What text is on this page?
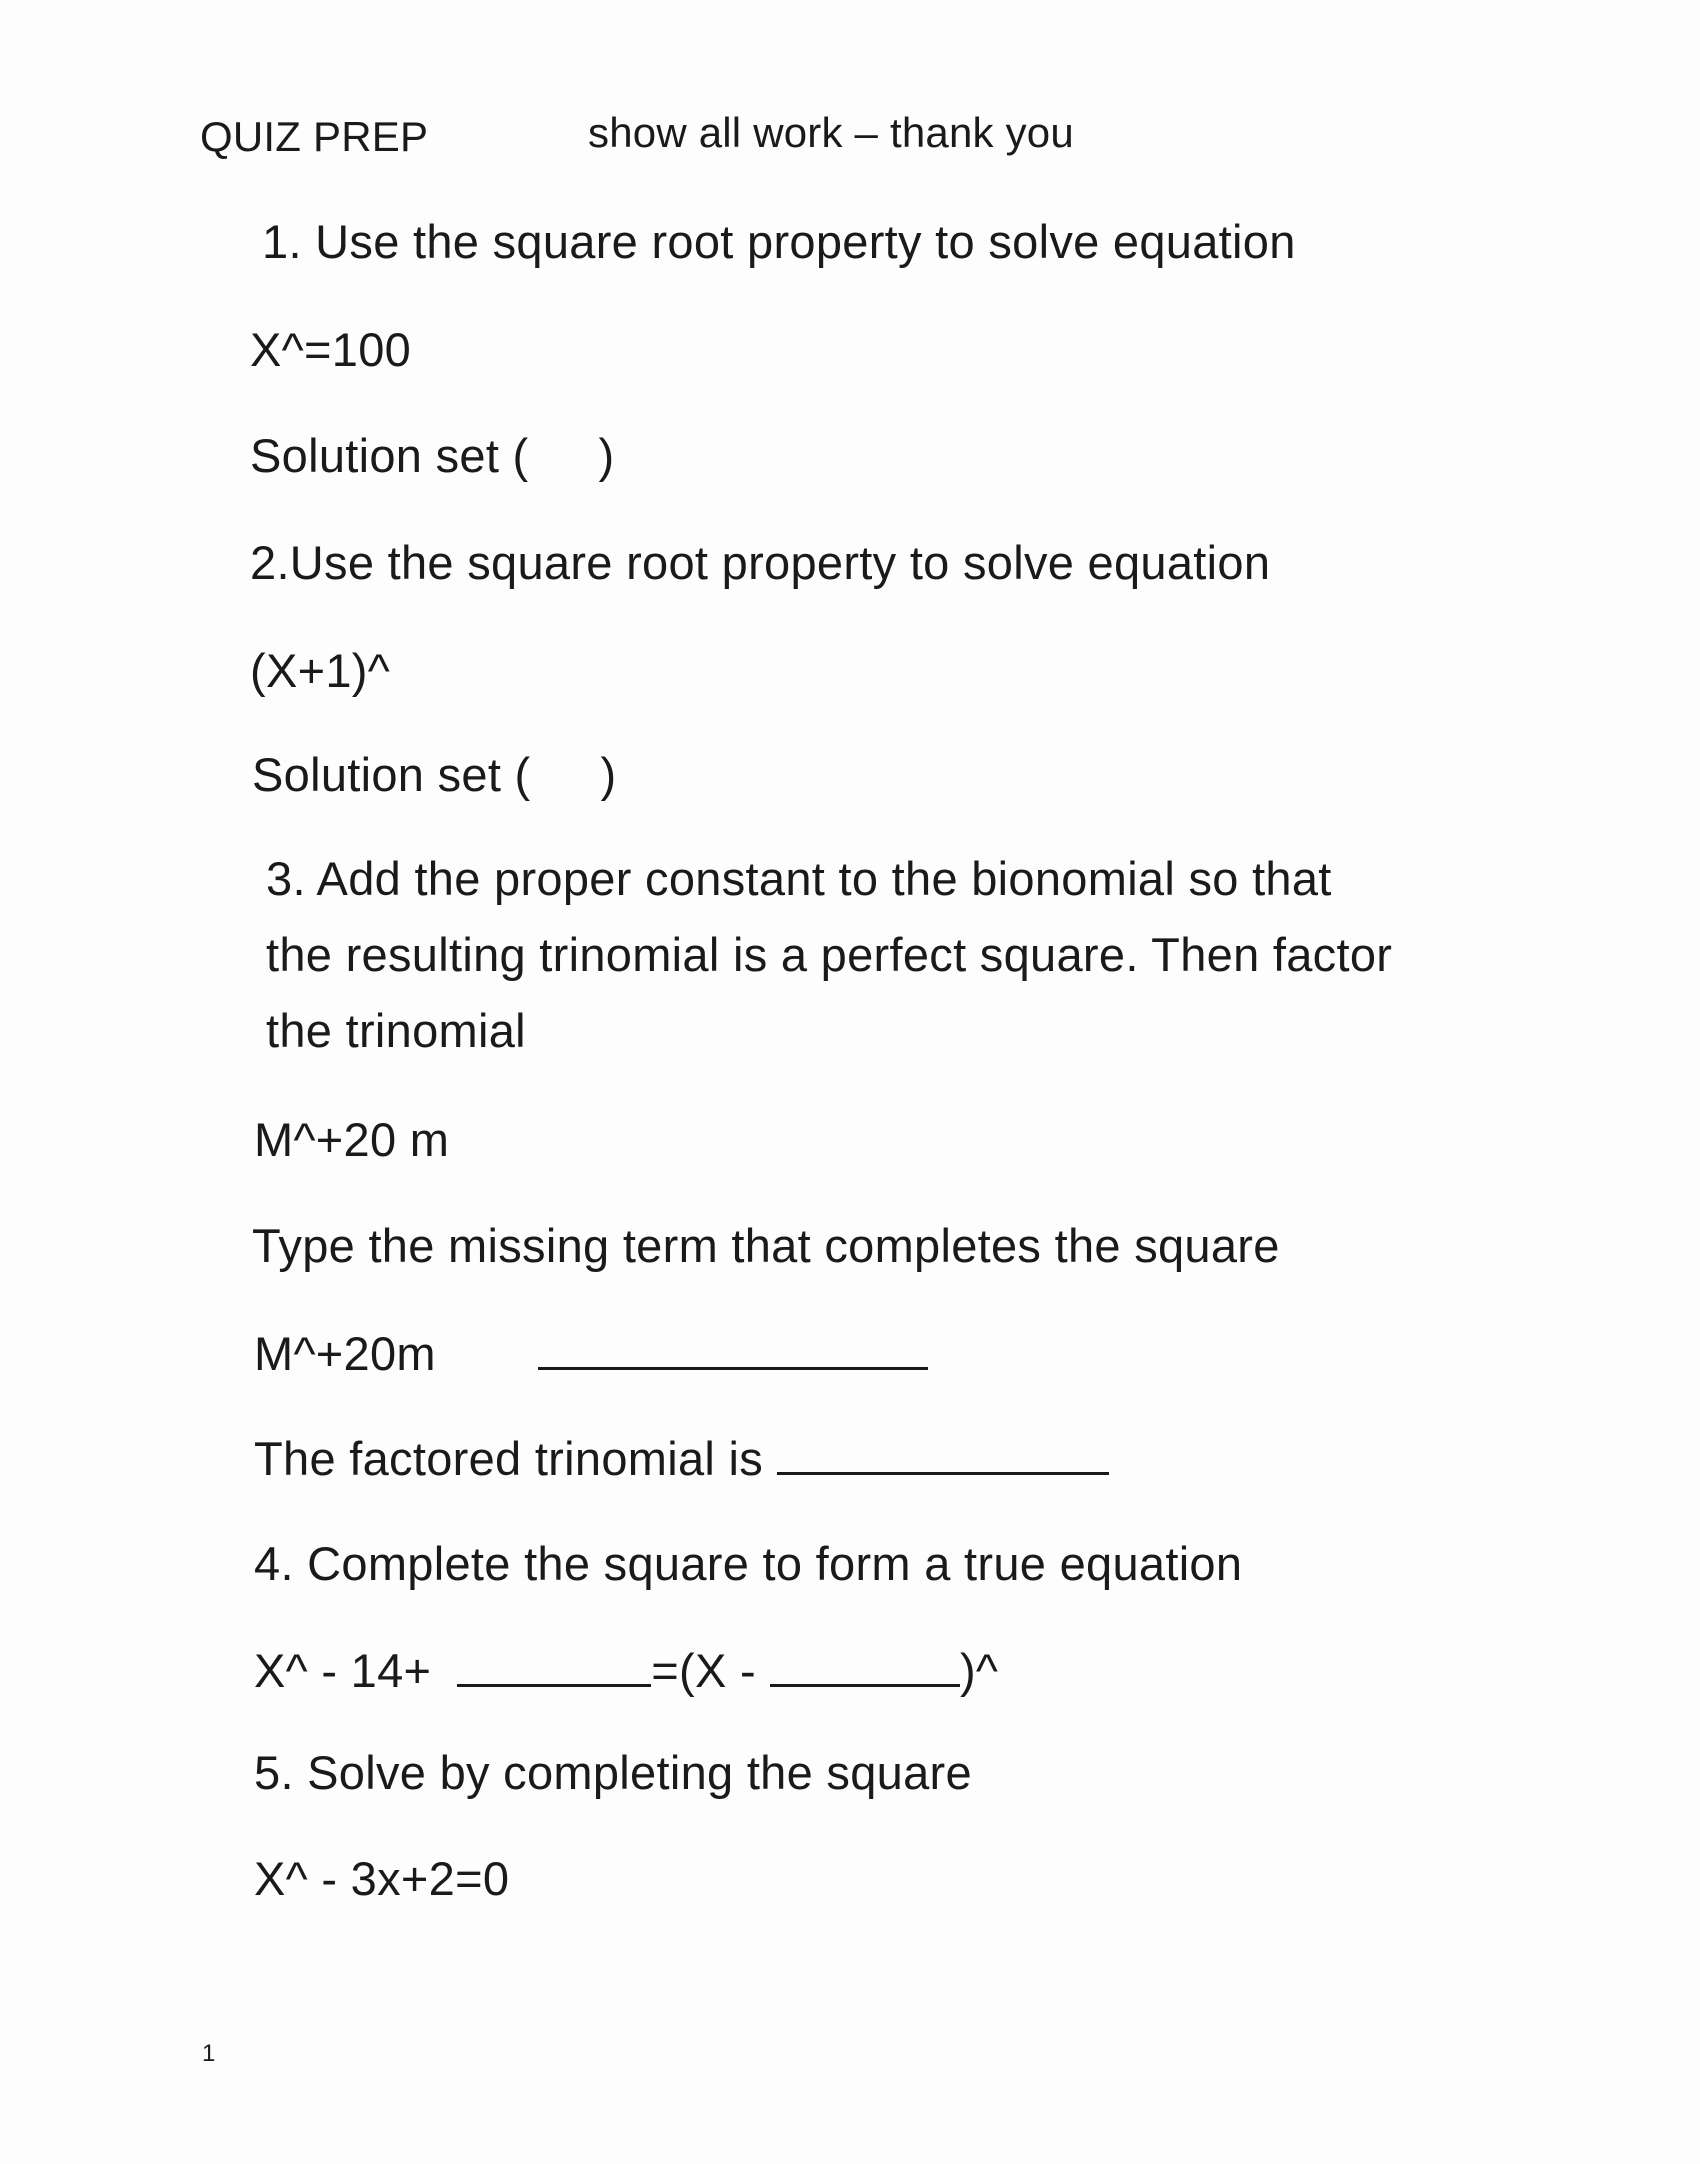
QUIZ PREP	show all work – thank you
1. Use the square root property to solve equation
X^=100
Solution set ( )
2.Use the square root property to solve equation
(X+1)^
Solution set ( )
3. Add the proper constant to the bionomial so that
the resulting trinomial is a perfect square. Then factor
the trinomial
M^+20 m
Type the missing term that completes the square
M^+20m
The factored trinomial is
4. Complete the square to form a true equation
X^ - 14+	=(X -	)^
5. Solve by completing the square
X^ - 3x+2=0
1
